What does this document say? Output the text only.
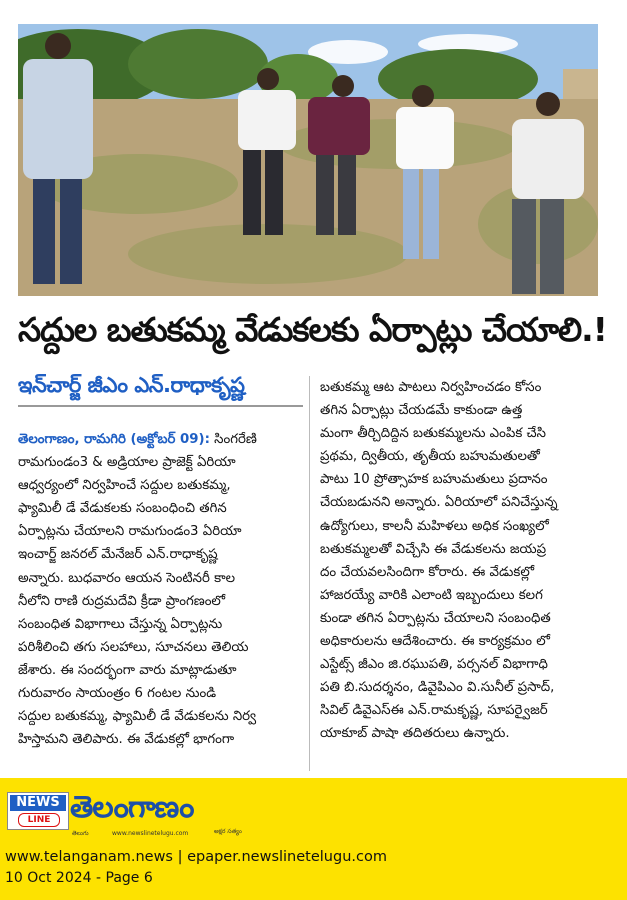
సద్దుల బతుకమ్మ వేడుకలకు ఏర్పాట్లు చేయాలి.!
ఇన్‌చార్జ్ జీఎం ఎన్.రాధాకృష్ణ
తెలంగాణం, రామగిరి (అక్టోబర్ 09): సింగరేణి
రామగుండం3 & అడ్రియాల ప్రాజెక్ట్ ఏరియా
ఆధ్వర్యంలో నిర్వహించే సద్దుల బతుకమ్మ,
ఫ్యామిలీ డే వేడుకలకు సంబంధించి తగిన
ఏర్పాట్లను చేయాలని రామగుండం3 ఏరియా
ఇంచార్జ్ జనరల్ మేనేజర్ ఎన్.రాధాకృష్ణ
అన్నారు. బుధవారం ఆయన సెంటినరీ కాల
నీలోని రాణి రుద్రమదేవి క్రీడా ప్రాంగణంలో
సంబంధిత విభాగాలు చేస్తున్న ఏర్పాట్లను
పరిశీలించి తగు సలహాలు, సూచనలు తెలియ
జేశారు. ఈ సందర్భంగా వారు మాట్లాడుతూ
గురువారం సాయంత్రం 6 గంటల నుండి
సద్దుల బతుకమ్మ, ఫ్యామిలీ డే వేడుకలను నిర్వ
హిస్తామని తెలిపారు. ఈ వేడుకల్లో భాగంగా
బతుకమ్మ ఆట పాటలు నిర్వహించడం కోసం
తగిన ఏర్పాట్లు చేయడమే కాకుండా ఉత్త
మంగా తీర్చిదిద్దిన బతుకమ్మలను ఎంపిక చేసి
ప్రథమ, ద్వితీయ, తృతీయ బహుమతులతో
పాటు 10 ప్రోత్సాహక బహుమతులు ప్రదానం
చేయబడునని అన్నారు. ఏరియాలో పనిచేస్తున్న
ఉద్యోగులు, కాలనీ మహిళలు అధిక సంఖ్యలో
బతుకమ్మలతో విచ్చేసి ఈ వేడుకలను జయప్ర
దం చేయవలసిందిగా కోరారు. ఈ వేడుకల్లో
హాజరయ్యే వారికి ఎలాంటి ఇబ్బందులు కలగ
కుండా తగిన ఏర్పాట్లను చేయాలని సంబంధిత
అధికారులను ఆదేశించారు. ఈ కార్యక్రమం లో
ఎస్టేట్స్ జీఎం జి.రఘుపతి, పర్సనల్ విభాగాధి
పతి బి.సుదర్శనం, డివైపిఎం వి.సునీల్ ప్రసాద్,
సివిల్ డివైఎస్ఈ ఎన్.రామకృష్ణ, సూపర్వైజర్
యాకూబ్ పాషా తదితరులు ఉన్నారు.
NEWS
LINE తెలంగాణం
తెలుగు	www.newslinetelugu.com	అక్షర సత్యం
www.telanganam.news | epaper.newslinetelugu.com
10 Oct 2024 - Page 6
